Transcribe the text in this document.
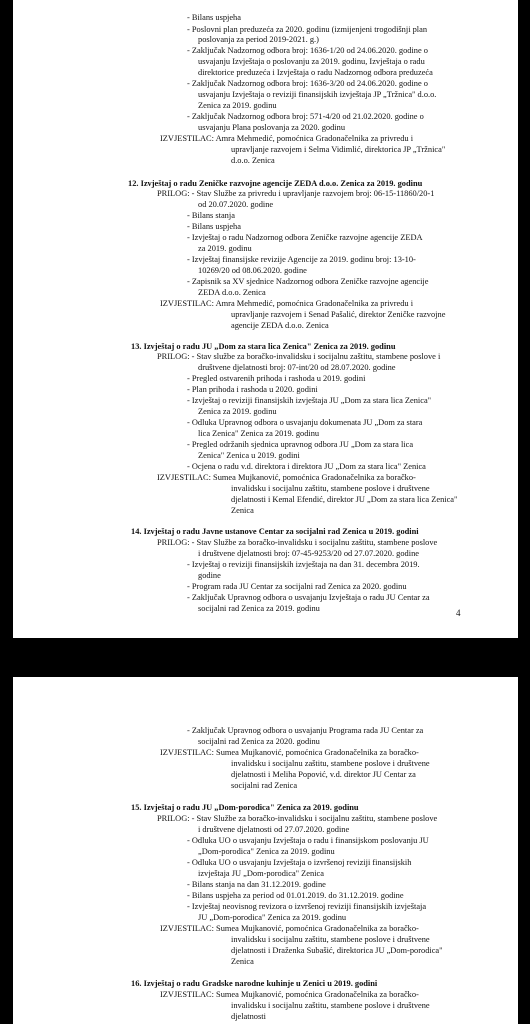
- Bilans uspjeha
- Poslovni plan preduzeća za 2020. godinu (izmijenjeni trogodišnji plan
poslovanja za period 2019-2021. g.)
- Zaključak Nadzornog odbora broj: 1636-1/20 od 24.06.2020. godine o
usvajanju Izvještaja o poslovanju za 2019. godinu, Izvještaja o radu
direktorice preduzeća i Izvještaja o radu Nadzornog odbora preduzeća
- Zaključak Nadzornog odbora broj: 1636-3/20 od 24.06.2020. godine o
usvajanju Izvještaja o reviziji finansijskih izvještaja JP „Tržnica" d.o.o.
Zenica za 2019. godinu
- Zaključak Nadzornog odbora broj: 571-4/20 od 21.02.2020. godine o
usvajanju Plana poslovanja za 2020. godinu
IZVJESTILAC: Amra Mehmedić, pomoćnica Gradonačelnika za privredu i
upravljanje razvojem i Selma Vidimlić, direktorica JP „Tržnica"
d.o.o. Zenica
12. Izvještaj o radu Zeničke razvojne agencije ZEDA d.o.o. Zenica za 2019. godinu
PRILOG: - Stav Službe za privredu i upravljanje razvojem broj: 06-15-11860/20-1
od 20.07.2020. godine
- Bilans stanja
- Bilans uspjeha
- Izvještaj o radu Nadzornog odbora Zeničke razvojne agencije ZEDA
za 2019. godinu
- Izvještaj finansijske revizije Agencije za 2019. godinu broj: 13-10-
10269/20 od 08.06.2020. godine
- Zapisnik sa XV sjednice Nadzornog odbora Zeničke razvojne agencije
ZEDA d.o.o. Zenica
IZVJESTILAC: Amra Mehmedić, pomoćnica Gradonačelnika za privredu i
upravljanje razvojem i Senad Pašalić, direktor Zeničke razvojne
agencije ZEDA d.o.o. Zenica
13. Izvještaj o radu JU „Dom za stara lica Zenica" Zenica za 2019. godinu
PRILOG: - Stav službe za boračko-invalidsku i socijalnu zaštitu, stambene poslove i
društvene djelatnosti broj: 07-int/20 od 28.07.2020. godine
- Pregled ostvarenih prihoda i rashoda u 2019. godini
- Plan prihoda i rashoda u 2020. godini
- Izvještaj o reviziji finansijskih izvještaja JU „Dom za stara lica Zenica"
Zenica za 2019. godinu
- Odluka Upravnog odbora o usvajanju dokumenata JU „Dom za stara
lica Zenica" Zenica za 2019. godinu
- Pregled održanih sjednica upravnog odbora JU „Dom za stara lica
Zenica" Zenica u 2019. godini
- Ocjena o radu v.d. direktora i direktora JU „Dom za stara lica" Zenica
IZVJESTILAC: Sumea Mujkanović, pomoćnica Gradonačelnika za boračko-
invalidsku i socijalnu zaštitu, stambene poslove i društvene
djelatnosti i Kemal Efendić, direktor JU „Dom za stara lica Zenica"
Zenica
14. Izvještaj o radu Javne ustanove Centar za socijalni rad Zenica u 2019. godini
PRILOG: - Stav Službe za boračko-invalidsku i socijalnu zaštitu, stambene poslove
i društvene djelatnosti broj: 07-45-9253/20 od 27.07.2020. godine
- Izvještaj o reviziji finansijskih izvještaja na dan 31. decembra 2019.
godine
- Program rada JU Centar za socijalni rad Zenica za 2020. godinu
- Zaključak Upravnog odbora o usvajanju Izvještaja o radu JU Centar za
socijalni rad Zenica za 2019. godinu	4
- Zaključak Upravnog odbora o usvajanju Programa rada JU Centar za
socijalni rad Zenica za 2020. godinu
IZVJESTILAC: Sumea Mujkanović, pomoćnica Gradonačelnika za boračko-
invalidsku i socijalnu zaštitu, stambene poslove i društvene
djelatnosti i Meliha Popović, v.d. direktor JU Centar za
socijalni rad Zenica
15. Izvještaj o radu JU „Dom-porodica" Zenica za 2019. godinu
PRILOG: - Stav Službe za boračko-invalidsku i socijalnu zaštitu, stambene poslove
i društvene djelatnosti od 27.07.2020. godine
- Odluka UO o usvajanju Izvještaja o radu i finansijskom poslovanju JU
„Dom-porodica" Zenica za 2019. godinu
- Odluka UO o usvajanju Izvještaja o izvršenoj reviziji finansijskih
izvještaja JU „Dom-porodica" Zenica
- Bilans stanja na dan 31.12.2019. godine
- Bilans uspjeha za period od 01.01.2019. do 31.12.2019. godine
- Izvještaj neovisnog revizora o izvršenoj reviziji finansijskih izvještaja
JU „Dom-porodica" Zenica za 2019. godinu
IZVJESTILAC: Sumea Mujkanović, pomoćnica Gradonačelnika za boračko-
invalidsku i socijalnu zaštitu, stambene poslove i društvene
djelatnosti i Draženka Subašić, direktorica JU „Dom-porodica"
Zenica
16. Izvještaj o radu Gradske narodne kuhinje u Zenici u 2019. godini
IZVJESTILAC: Sumea Mujkanović, pomoćnica Gradonačelnika za boračko-
invalidsku i socijalnu zaštitu, stambene poslove i društvene
djelatnosti
